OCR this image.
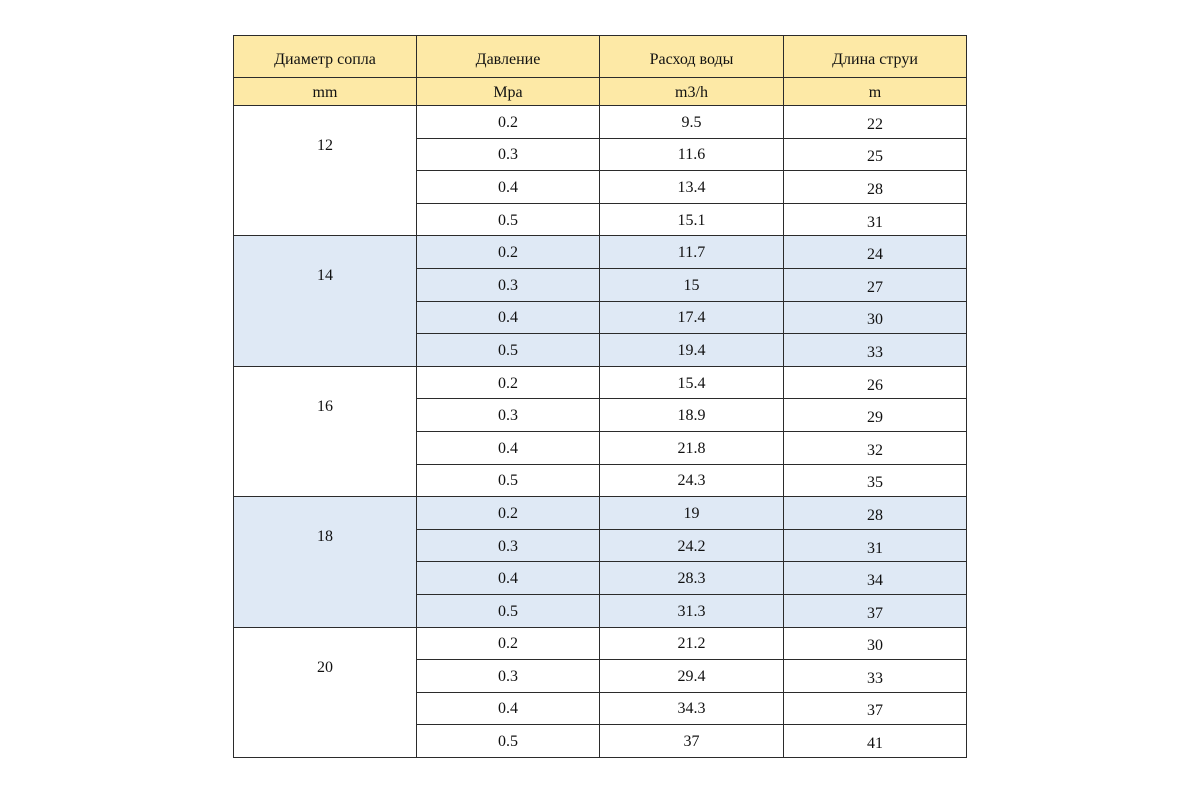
Диаметр сопла	Давление	Расход воды	Длина струи
mm	Mpa	m3/h	m
12	0.2	9.5	22
	0.3	11.6	25
	0.4	13.4	28
	0.5	15.1	31
14	0.2	11.7	24
	0.3	15	27
	0.4	17.4	30
	0.5	19.4	33
16	0.2	15.4	26
	0.3	18.9	29
	0.4	21.8	32
	0.5	24.3	35
18	0.2	19	28
	0.3	24.2	31
	0.4	28.3	34
	0.5	31.3	37
20	0.2	21.2	30
	0.3	29.4	33
	0.4	34.3	37
	0.5	37	41
